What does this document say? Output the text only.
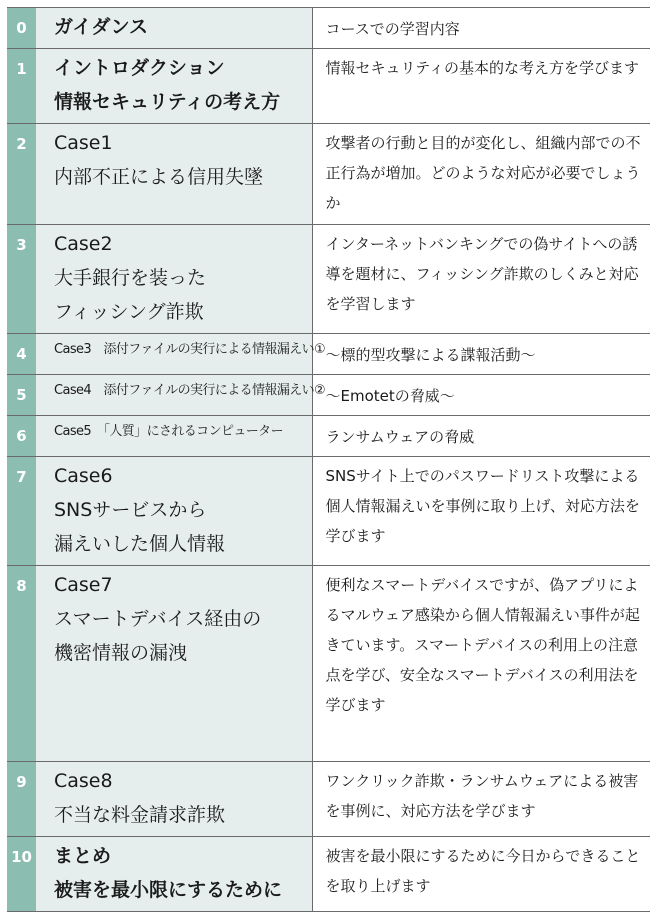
0	ガイダンス	コースでの学習内容
1	イントロダクション
情報セキュリティの考え方	情報セキュリティの基本的な考え方を学びます
2	Case1
内部不正による信用失墜	攻撃者の行動と目的が変化し、組織内部での不正行為が増加。どのような対応が必要でしょうか
3	Case2
大手銀行を装った
フィッシング詐欺	インターネットバンキングでの偽サイトへの誘導を題材に、フィッシング詐欺のしくみと対応を学習します
4	Case3　添付ファイルの実行による情報漏えい①	〜標的型攻撃による諜報活動〜
5	Case4　添付ファイルの実行による情報漏えい②	〜Emotetの脅威〜
6	Case5　「人質」にされるコンピューター	ランサムウェアの脅威
7	Case6
SNSサービスから
漏えいした個人情報	SNSサイト上でのパスワードリスト攻撃による個人情報漏えいを事例に取り上げ、対応方法を学びます
8	Case7
スマートデバイス経由の
機密情報の漏洩	便利なスマートデバイスですが、偽アプリによるマルウェア感染から個人情報漏えい事件が起きています。スマートデバイスの利用上の注意点を学び、安全なスマートデバイスの利用法を学びます
9	Case8
不当な料金請求詐欺	ワンクリック詐欺・ランサムウェアによる被害を事例に、対応方法を学びます
10	まとめ
被害を最小限にするために	被害を最小限にするために今日からできることを取り上げます
